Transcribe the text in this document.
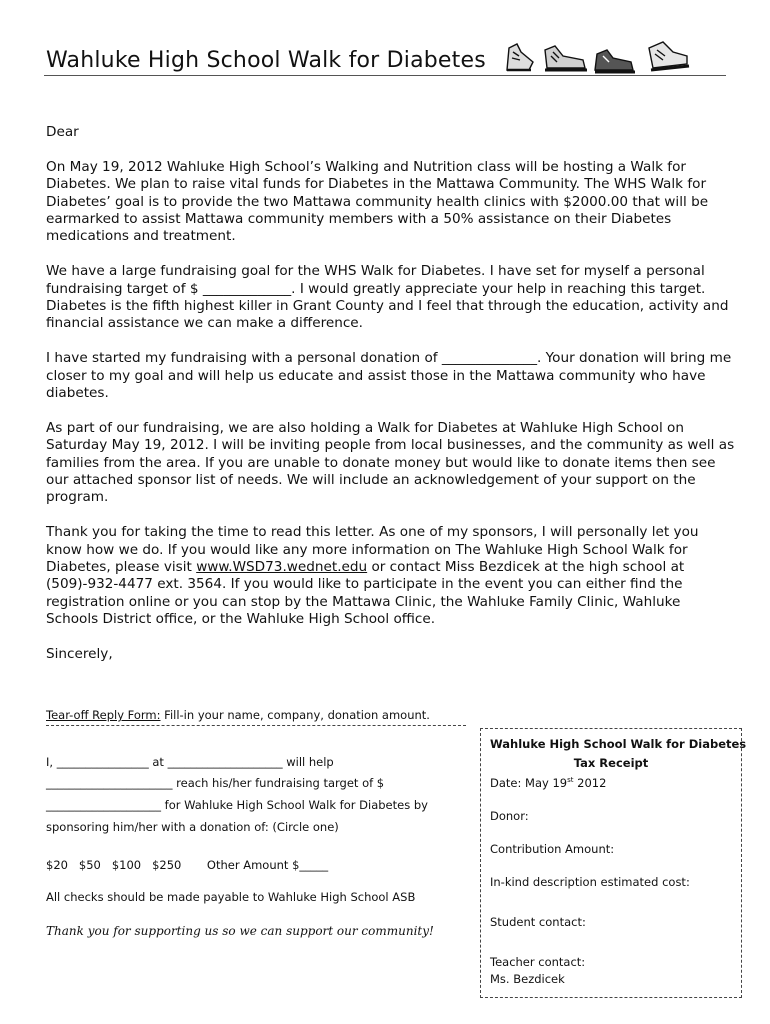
Wahluke High School Walk for Diabetes

Dear

On May 19, 2012 Wahluke High School’s Walking and Nutrition class will be hosting a Walk for Diabetes. We plan to raise vital funds for Diabetes in the Mattawa Community. The WHS Walk for Diabetes’ goal is to provide the two Mattawa community health clinics with $2000.00 that will be earmarked to assist Mattawa community members with a 50% assistance on their Diabetes medications and treatment.

We have a large fundraising goal for the WHS Walk for Diabetes. I have set for myself a personal fundraising target of $ _____________. I would greatly appreciate your help in reaching this target. Diabetes is the fifth highest killer in Grant County and I feel that through the education, activity and financial assistance we can make a difference.

I have started my fundraising with a personal donation of ______________. Your donation will bring me closer to my goal and will help us educate and assist those in the Mattawa community who have diabetes.

As part of our fundraising, we are also holding a Walk for Diabetes at Wahluke High School on Saturday May 19, 2012. I will be inviting people from local businesses, and the community as well as families from the area. If you are unable to donate money but would like to donate items then see our attached sponsor list of needs. We will include an acknowledgement of your support on the program.

Thank you for taking the time to read this letter. As one of my sponsors, I will personally let you know how we do. If you would like any more information on The Wahluke High School Walk for Diabetes, please visit www.WSD73.wednet.edu or contact Miss Bezdicek at the high school at (509)-932-4477 ext. 3564. If you would like to participate in the event you can either find the registration online or you can stop by the Mattawa Clinic, the Wahluke Family Clinic, Wahluke Schools District office, or the Wahluke High School office.

Sincerely,

Tear-off Reply Form: Fill-in your name, company, donation amount.
I, ________________ at ____________________ will help
______________________ reach his/her fundraising target of $
____________________ for Wahluke High School Walk for Diabetes by
sponsoring him/her with a donation of: (Circle one)
$20   $50   $100   $250       Other Amount $_____
All checks should be made payable to Wahluke High School ASB
Thank you for supporting us so we can support our community!
Wahluke High School Walk for Diabetes
Tax Receipt
Date: May 19st 2012
Donor:
Contribution Amount:
In-kind description estimated cost:
Student contact:
Teacher contact:
Ms. Bezdicek
